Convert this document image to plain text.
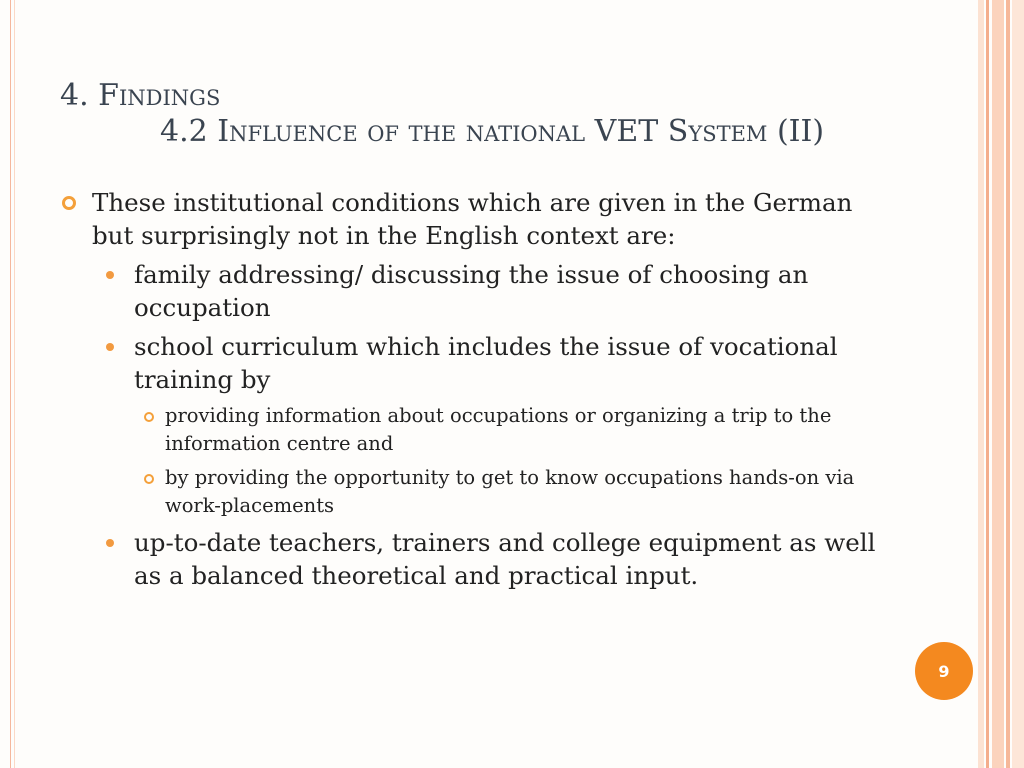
4. Findings
4.2 Influence of the national VET System (II)
These institutional conditions which are given in the German but surprisingly not in the English context are:
family addressing/ discussing the issue of choosing an occupation
school curriculum which includes the issue of vocational training by
providing information about occupations or organizing a trip to the information centre and
by providing the opportunity to get to know occupations hands-on via work-placements
up-to-date teachers, trainers and college equipment as well as a balanced theoretical and practical input.
9
